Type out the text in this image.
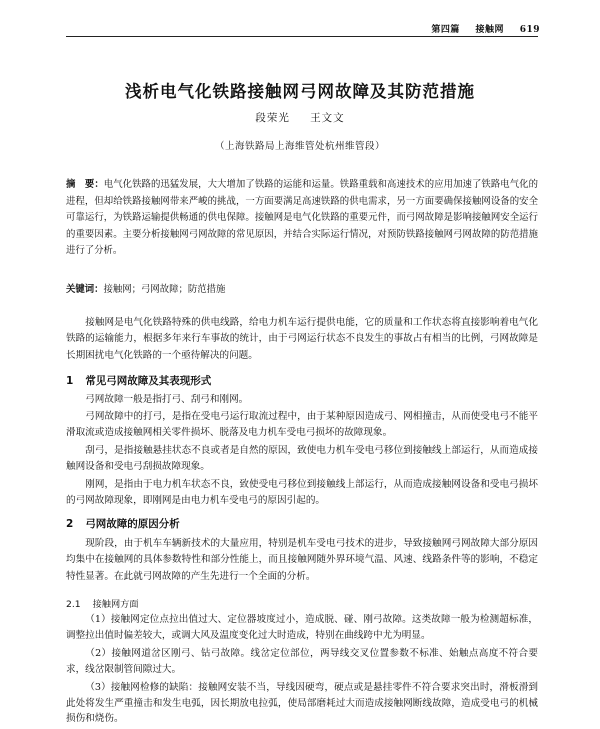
第四篇 接触网 619
浅析电气化铁路接触网弓网故障及其防范措施
段荣光 王文文
（上海铁路局上海维管处杭州维管段）
摘　要：电气化铁路的迅猛发展，大大增加了铁路的运能和运量。铁路重载和高速技术的应用加速了铁路电气化的进程，但却给铁路接触网带来严峻的挑战，一方面要满足高速铁路的供电需求，另一方面要确保接触网设备的安全可靠运行，为铁路运输提供畅通的供电保障。接触网是电气化铁路的重要元件，而弓网故障是影响接触网安全运行的重要因素。主要分析接触网弓网故障的常见原因，并结合实际运行情况，对预防铁路接触网弓网故障的防范措施进行了分析。
关键词：接触网；弓网故障；防范措施

接触网是电气化铁路特殊的供电线路，给电力机车运行提供电能，它的质量和工作状态将直接影响着电气化铁路的运输能力，根据多年来行车事故的统计，由于弓网运行状态不良发生的事故占有相当的比例，弓网故障是长期困扰电气化铁路的一个亟待解决的问题。

1 常见弓网故障及其表现形式

弓网故障一般是指打弓、刮弓和刚网。

弓网故障中的打弓，是指在受电弓运行取流过程中，由于某种原因造成弓、网相撞击，从而使受电弓不能平滑取流或造成接触网相关零件损坏、脱落及电力机车受电弓损坏的故障现象。

刮弓，是指接触悬挂状态不良或者是自然的原因，致使电力机车受电弓移位到接触线上部运行，从而造成接触网设备和受电弓刮损故障现象。

刚网，是指由于电力机车状态不良，致使受电弓移位到接触线上部运行，从而造成接触网设备和受电弓损坏的弓网故障现象，即刚网是由电力机车受电弓的原因引起的。

2 弓网故障的原因分析

现阶段，由于机车车辆新技术的大量应用，特别是机车受电弓技术的进步，导致接触网弓网故障大部分原因均集中在接触网的具体参数特性和部分性能上，而且接触网随外界环境气温、风速、线路条件等的影响，不稳定特性显著。在此就弓网故障的产生先进行一个全面的分析。

2.1 接触网方面

（1）接触网定位点拉出值过大、定位器坡度过小，造成脱、碰、刚弓故障。这类故障一般为检测超标准，调整拉出值时偏差较大，或调大风及温度变化过大时造成，特别在曲线跨中尤为明显。

（2）接触网道岔区刚弓、钻弓故障。线岔定位部位，两导线交叉位置参数不标准、始触点高度不符合要求，线岔限制管间隙过大。

（3）接触网检修的缺陷：接触网安装不当，导线因硬弯，硬点或是悬挂零件不符合要求突出时，滑板滑到此处将发生严重撞击和发生电弧，因长期放电拉弧，使局部磨耗过大而造成接触网断线故障，造成受电弓的机械损伤和烧伤。
